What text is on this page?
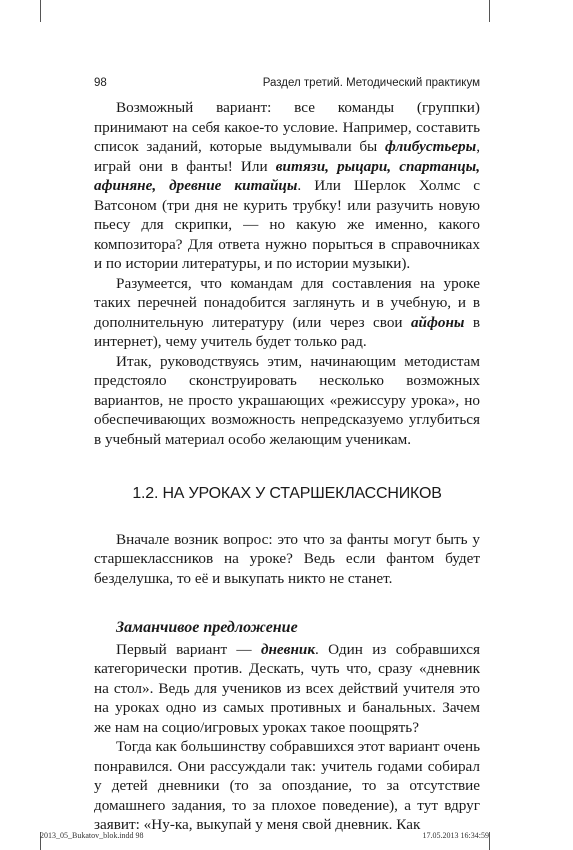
98	Раздел третий. Методический практикум

Возможный вариант: все команды (группки) принимают на себя какое-то условие. Например, составить список заданий, которые выдумывали бы флибустьеры, играй они в фанты! Или витязи, рыцари, спартанцы, афиняне, древние китайцы. Или Шерлок Холмс с Ватсоном (три дня не курить трубку! или разучить новую пьесу для скрипки, — но какую же именно, какого композитора? Для ответа нужно порыться в справочниках и по истории литературы, и по истории музыки).

Разумеется, что командам для составления на уроке таких перечней понадобится заглянуть и в учебную, и в дополнительную литературу (или через свои айфоны в интернет), чему учитель будет только рад.

Итак, руководствуясь этим, начинающим методистам предстояло сконструировать несколько возможных вариантов, не просто украшающих «режиссуру урока», но обеспечивающих возможность непредсказуемо углубиться в учебный материал особо желающим ученикам.

1.2. НА УРОКАХ У СТАРШЕКЛАССНИКОВ

Вначале возник вопрос: это что за фанты могут быть у старшеклассников на уроке? Ведь если фантом будет безделушка, то её и выкупать никто не станет.

Заманчивое предложение

Первый вариант — дневник. Один из собравшихся категорически против. Дескать, чуть что, сразу «дневник на стол». Ведь для учеников из всех действий учителя это на уроках одно из самых противных и банальных. Зачем же нам на социо/игровых уроках такое поощрять?

Тогда как большинству собравшихся этот вариант очень понравился. Они рассуждали так: учитель годами собирал у детей дневники (то за опоздание, то за отсутствие домашнего задания, то за плохое поведение), а тут вдруг заявит: «Ну-ка, выкупай у меня свой дневник. Как

2013_05_Bukatov_blok.indd 98	17.05.2013 16:34:59
